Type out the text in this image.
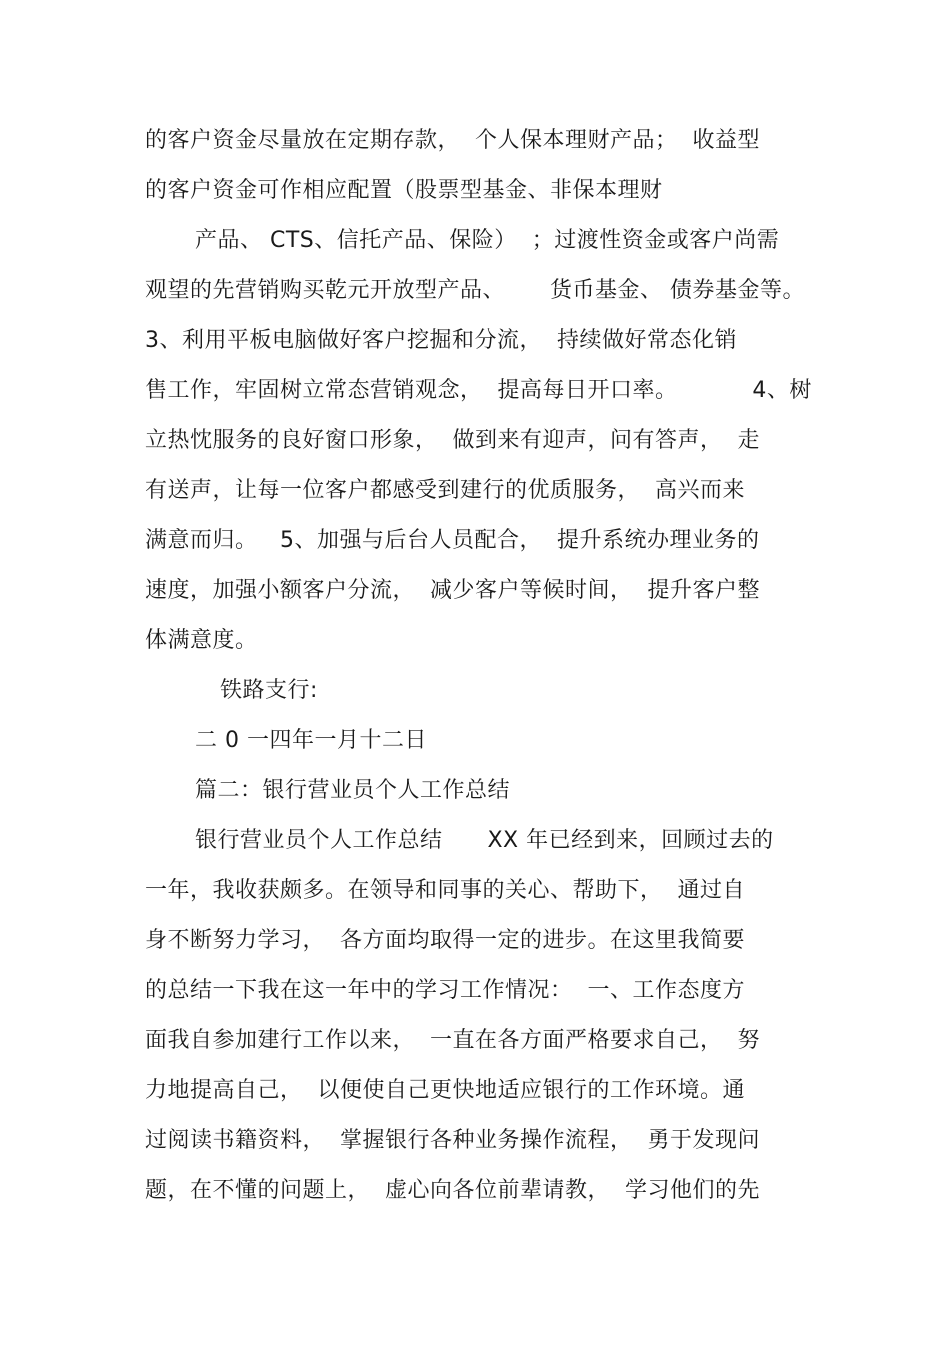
的客户资金尽量放在定期存款，  个人保本理财产品；  收益型
的客户资金可作相应配置（股票型基金、非保本理财
产品、 CTS、信托产品、保险）  ；过渡性资金或客户尚需
观望的先营销购买乾元开放型产品、      货币基金、 债券基金等。
3、利用平板电脑做好客户挖掘和分流，  持续做好常态化销
售工作，牢固树立常态营销观念，  提高每日开口率。          4、树
立热忱服务的良好窗口形象，  做到来有迎声，问有答声，  走
有送声，让每一位客户都感受到建行的优质服务，  高兴而来
满意而归。   5、加强与后台人员配合，  提升系统办理业务的
速度，加强小额客户分流，  减少客户等候时间，  提升客户整
体满意度。
铁路支行:
二 0 一四年一月十二日
篇二：银行营业员个人工作总结
银行营业员个人工作总结      XX 年已经到来，回顾过去的
一年，我收获颇多。在领导和同事的关心、帮助下，  通过自
身不断努力学习，  各方面均取得一定的进步。在这里我简要
的总结一下我在这一年中的学习工作情况：  一、工作态度方
面我自参加建行工作以来，  一直在各方面严格要求自己，  努
力地提高自己，  以便使自己更快地适应银行的工作环境。通
过阅读书籍资料，  掌握银行各种业务操作流程，  勇于发现问
题，在不懂的问题上，  虚心向各位前辈请教，  学习他们的先
